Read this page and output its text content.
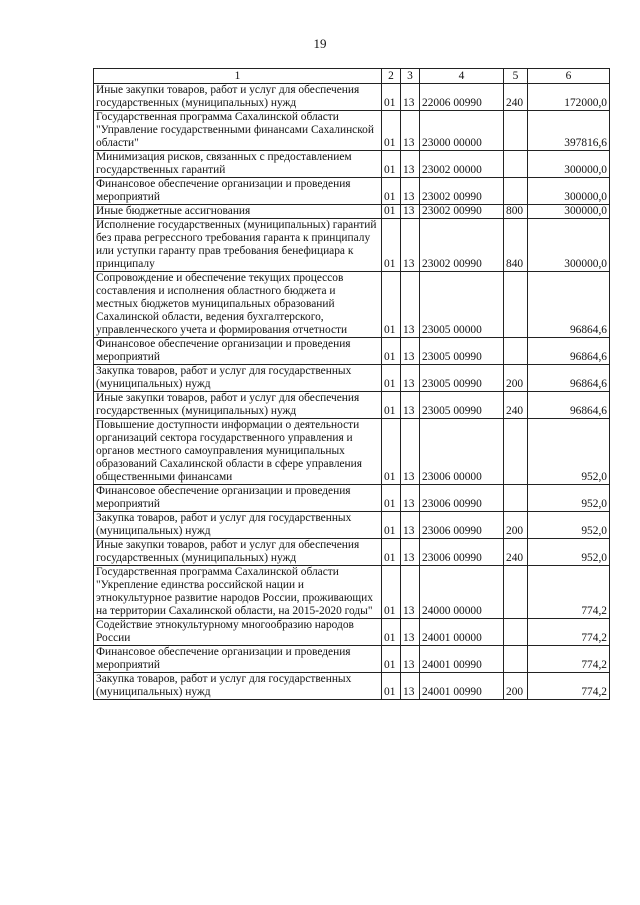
19
1	2	3	4	5	6
Иные закупки товаров, работ и услуг для обеспечения государственных (муниципальных) нужд	01	13	22006 00990	240	172000,0
Государственная программа Сахалинской области "Управление государственными финансами Сахалинской области"	01	13	23000 00000		397816,6
Минимизация рисков, связанных с предоставлением государственных гарантий	01	13	23002 00000		300000,0
Финансовое обеспечение организации и проведения мероприятий	01	13	23002 00990		300000,0
Иные бюджетные ассигнования	01	13	23002 00990	800	300000,0
Исполнение государственных (муниципальных) гарантий без права регрессного требования гаранта к принципалу или уступки гаранту прав требования бенефициара к принципалу	01	13	23002 00990	840	300000,0
Сопровождение и обеспечение текущих процессов составления и исполнения областного бюджета и местных бюджетов муниципальных образований Сахалинской области, ведения бухгалтерского, управленческого учета и формирования отчетности	01	13	23005 00000		96864,6
Финансовое обеспечение организации и проведения мероприятий	01	13	23005 00990		96864,6
Закупка товаров, работ и услуг для государственных (муниципальных) нужд	01	13	23005 00990	200	96864,6
Иные закупки товаров, работ и услуг для обеспечения государственных (муниципальных) нужд	01	13	23005 00990	240	96864,6
Повышение доступности информации о деятельности организаций сектора государственного управления и органов местного самоуправления муниципальных образований Сахалинской области в сфере управления общественными финансами	01	13	23006 00000		952,0
Финансовое обеспечение организации и проведения мероприятий	01	13	23006 00990		952,0
Закупка товаров, работ и услуг для государственных (муниципальных) нужд	01	13	23006 00990	200	952,0
Иные закупки товаров, работ и услуг для обеспечения государственных (муниципальных) нужд	01	13	23006 00990	240	952,0
Государственная программа Сахалинской области "Укрепление единства российской нации и этнокультурное развитие народов России, проживающих на территории Сахалинской области, на 2015-2020 годы"	01	13	24000 00000		774,2
Содействие этнокультурному многообразию народов России	01	13	24001 00000		774,2
Финансовое обеспечение организации и проведения мероприятий	01	13	24001 00990		774,2
Закупка товаров, работ и услуг для государственных (муниципальных) нужд	01	13	24001 00990	200	774,2
